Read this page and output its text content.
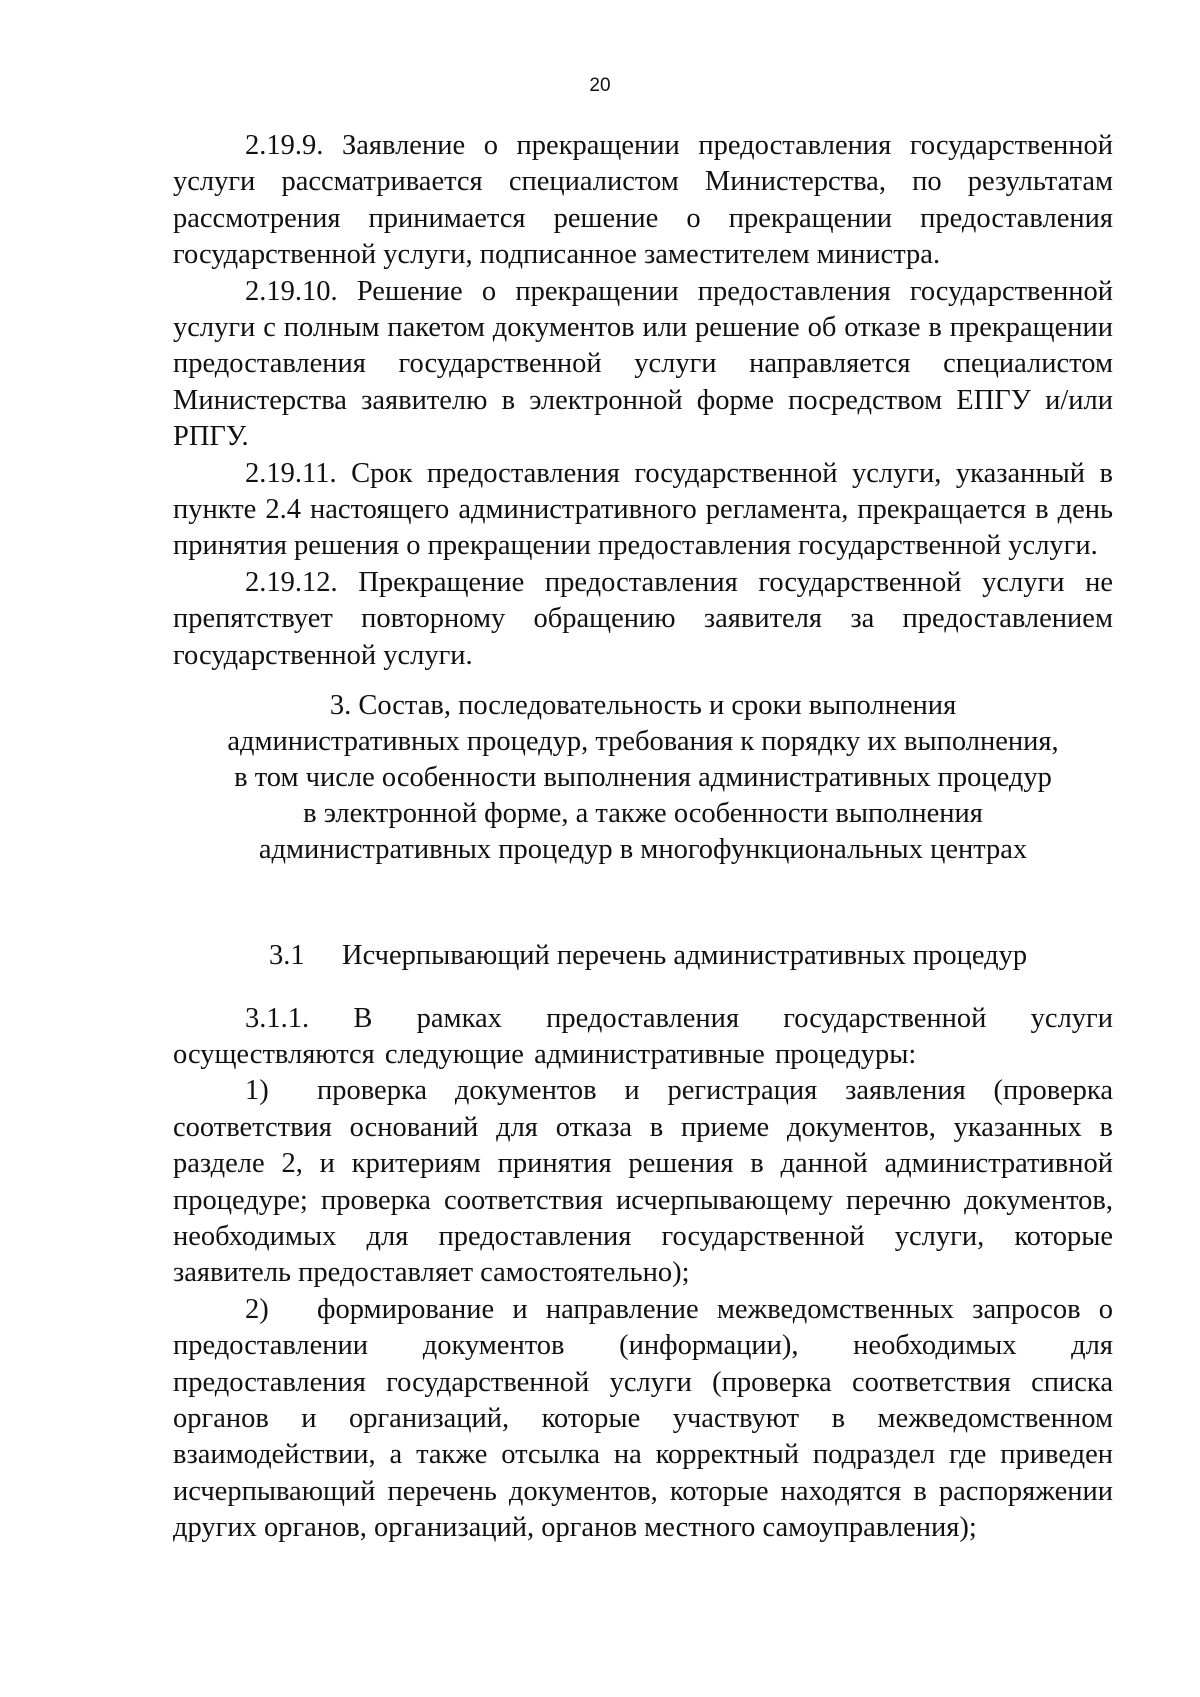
20

2.19.9. Заявление о прекращении предоставления государственной услуги рассматривается специалистом Министерства, по результатам рассмотрения принимается решение о прекращении предоставления государственной услуги, подписанное заместителем министра.

2.19.10. Решение о прекращении предоставления государственной услуги с полным пакетом документов или решение об отказе в прекращении предоставления государственной услуги направляется специалистом Министерства заявителю в электронной форме посредством ЕПГУ и/или РПГУ.

2.19.11. Срок предоставления государственной услуги, указанный в пункте 2.4 настоящего административного регламента, прекращается в день принятия решения о прекращении предоставления государственной услуги.

2.19.12. Прекращение предоставления государственной услуги не препятствует повторному обращению заявителя за предоставлением государственной услуги.

3. Состав, последовательность и сроки выполнения
административных процедур, требования к порядку их выполнения,
в том числе особенности выполнения административных процедур
в электронной форме, а также особенности выполнения
административных процедур в многофункциональных центрах
3.1	Исчерпывающий перечень административных процедур

3.1.1. В рамках предоставления государственной услуги осуществляются следующие административные процедуры:

1) проверка документов и регистрация заявления (проверка соответствия оснований для отказа в приеме документов, указанных в разделе 2, и критериям принятия решения в данной административной процедуре; проверка соответствия исчерпывающему перечню документов, необходимых для предоставления государственной услуги, которые заявитель предоставляет самостоятельно);

2) формирование и направление межведомственных запросов о предоставлении документов (информации), необходимых для предоставления государственной услуги (проверка соответствия списка органов и организаций, которые участвуют в межведомственном взаимодействии, а также отсылка на корректный подраздел где приведен исчерпывающий перечень документов, которые находятся в распоряжении других органов, организаций, органов местного самоуправления);
